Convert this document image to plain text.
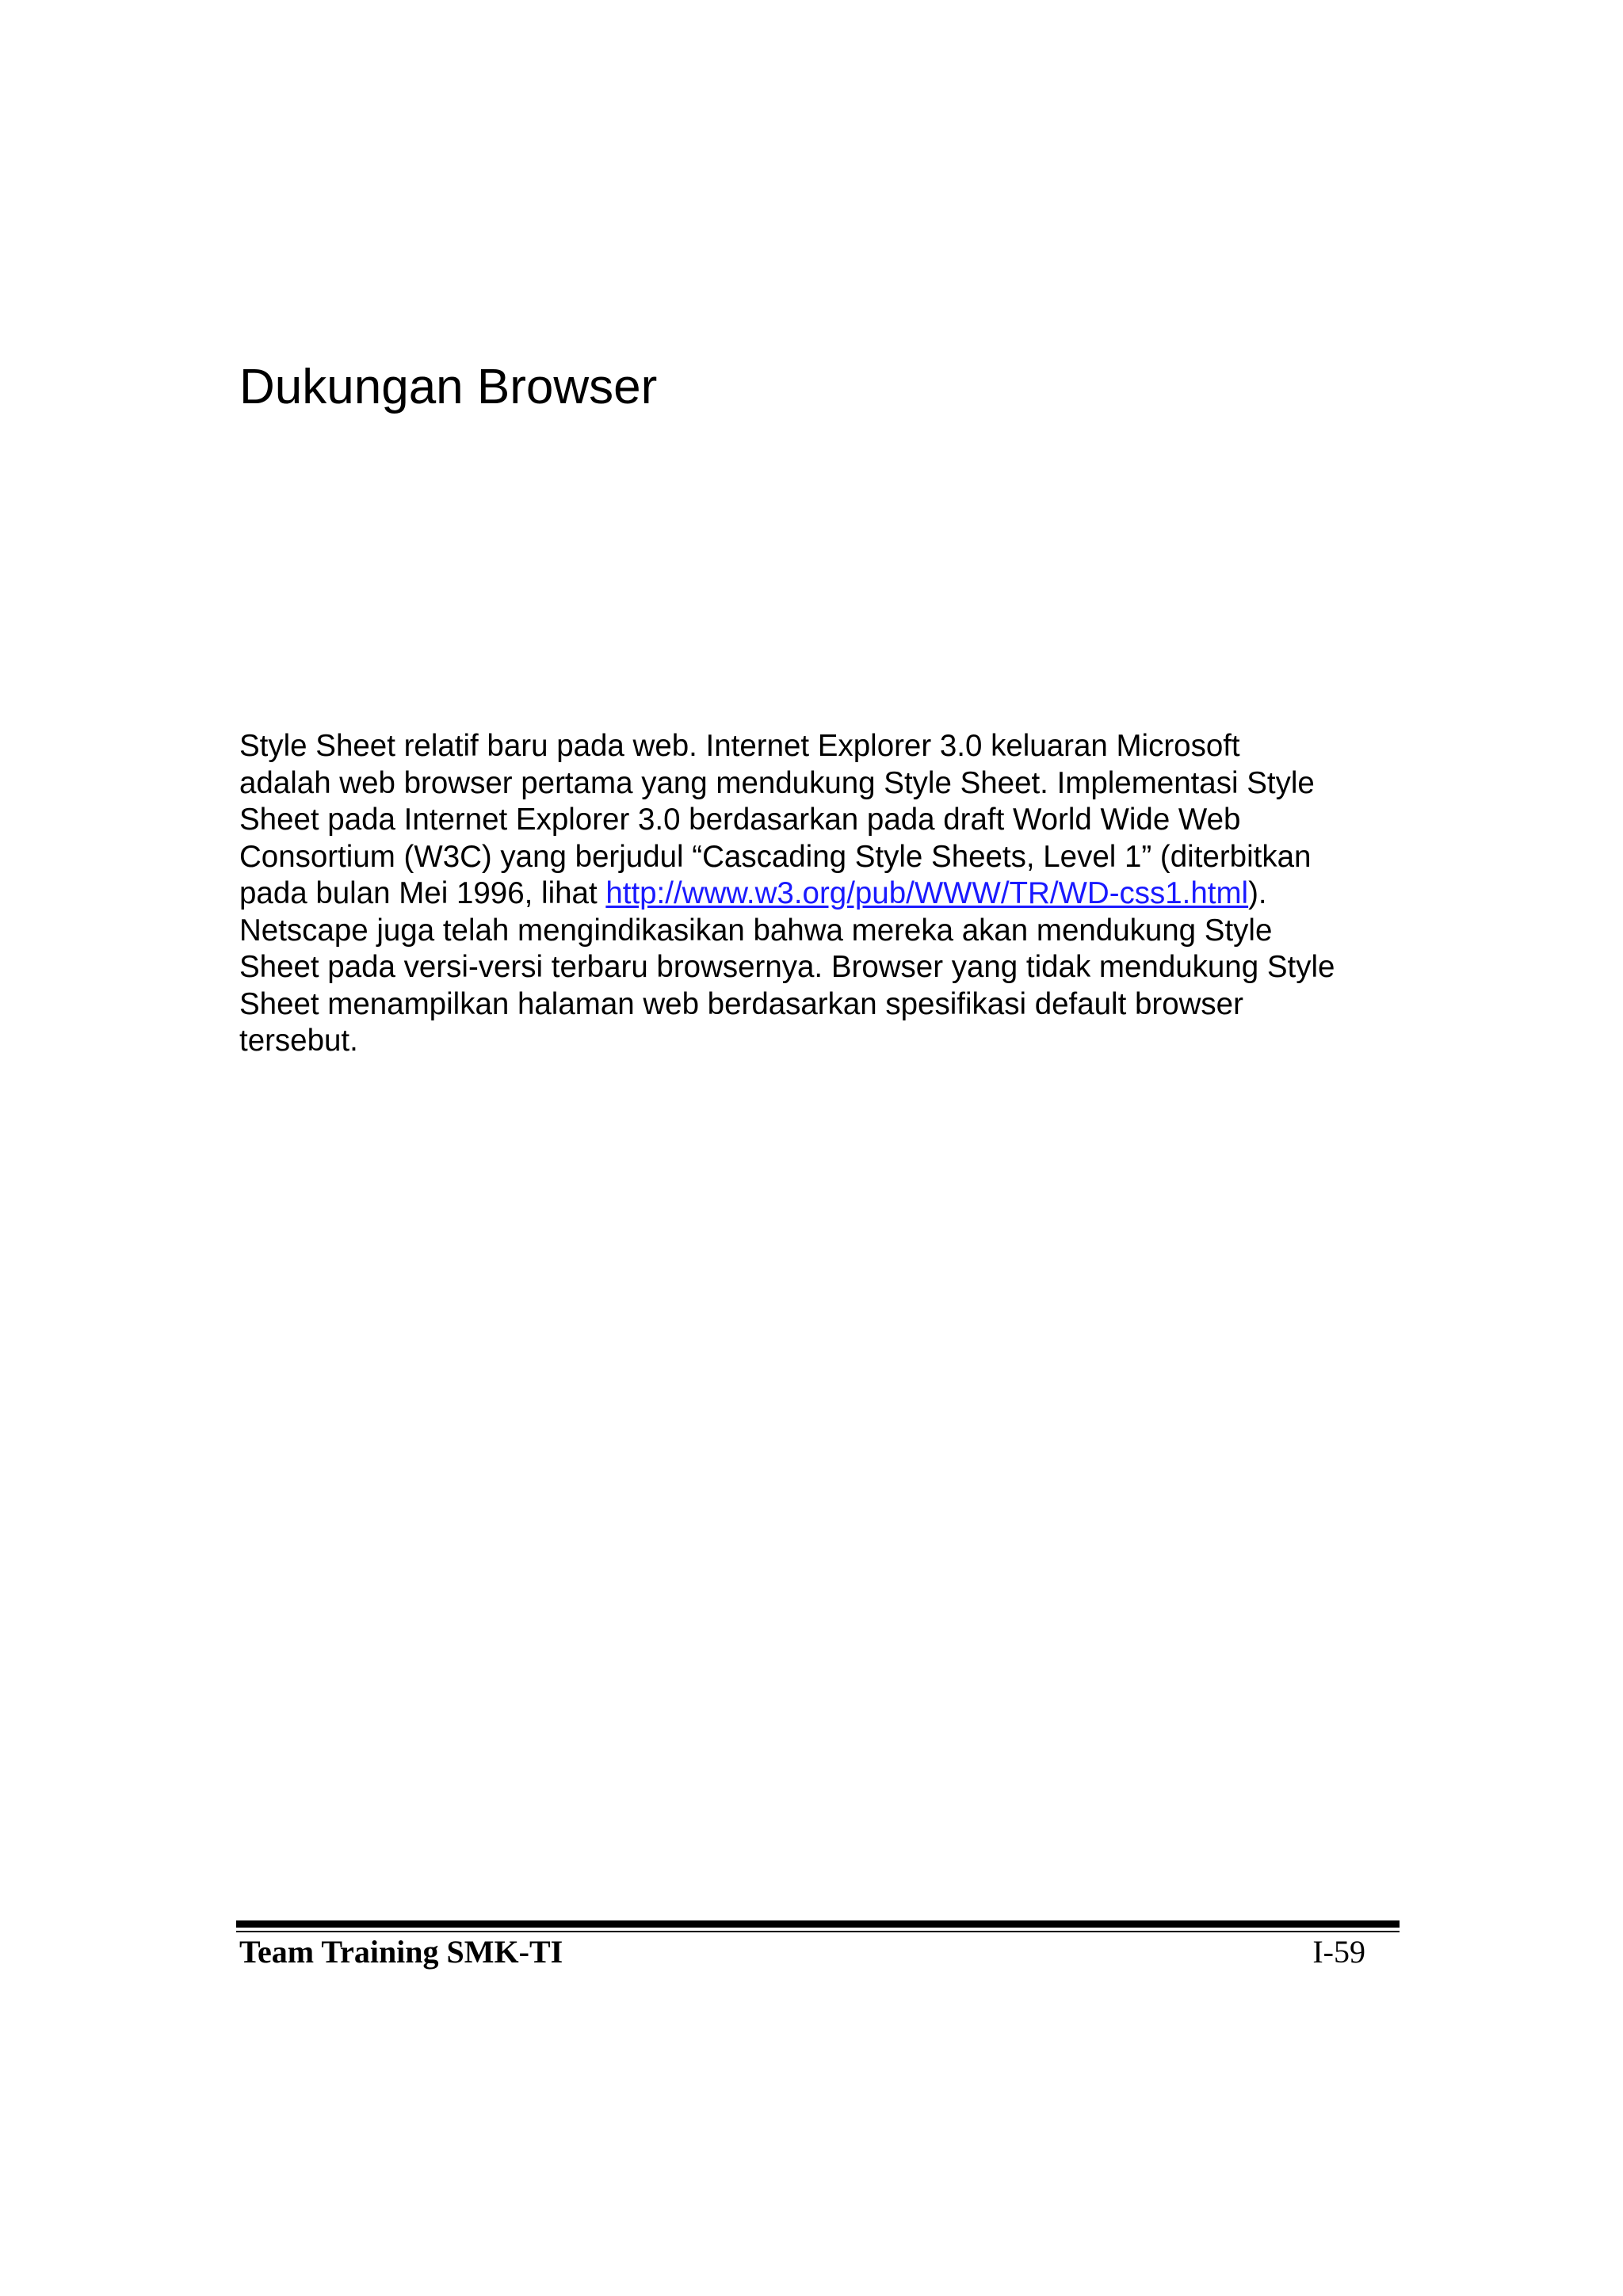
Dukungan Browser
Style Sheet relatif baru pada web. Internet Explorer 3.0 keluaran Microsoft
adalah web browser pertama yang mendukung Style Sheet. Implementasi Style
Sheet pada Internet Explorer 3.0 berdasarkan pada draft World Wide Web
Consortium (W3C) yang berjudul “Cascading Style Sheets, Level 1” (diterbitkan
pada bulan Mei 1996, lihat http://www.w3.org/pub/WWW/TR/WD-css1.html).
Netscape juga telah mengindikasikan bahwa mereka akan mendukung Style
Sheet pada versi-versi terbaru browsernya. Browser yang tidak mendukung Style
Sheet menampilkan halaman web berdasarkan spesifikasi default browser
tersebut.

Team Training SMK-TI	I-59
